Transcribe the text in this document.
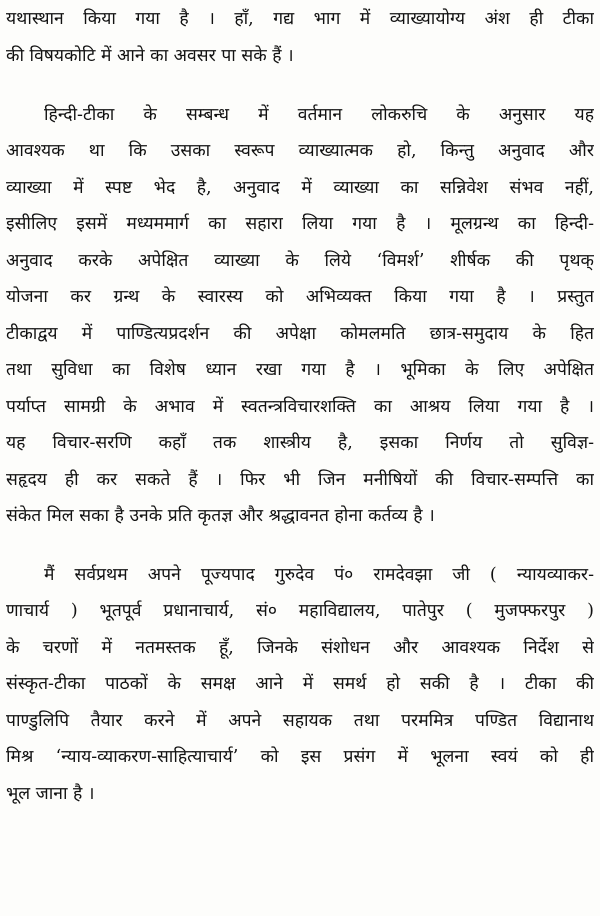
यथास्थान किया गया है । हाँ, गद्य भाग में व्याख्यायोग्य अंश ही टीका
की विषयकोटि में आने का अवसर पा सके हैं ।
हिन्दी-टीका के सम्बन्ध में वर्तमान लोकरुचि के अनुसार यह
आवश्यक था कि उसका स्वरूप व्याख्यात्मक हो, किन्तु अनुवाद और
व्याख्या में स्पष्ट भेद है, अनुवाद में व्याख्या का सन्निवेश संभव नहीं,
इसीलिए इसमें मध्यममार्ग का सहारा लिया गया है । मूलग्रन्थ का हिन्दी-
अनुवाद करके अपेक्षित व्याख्या के लिये ‘विमर्श’ शीर्षक की पृथक्
योजना कर ग्रन्थ के स्वारस्य को अभिव्यक्त किया गया है । प्रस्तुत
टीकाद्वय में पाण्डित्यप्रदर्शन की अपेक्षा कोमलमति छात्र-समुदाय के हित
तथा सुविधा का विशेष ध्यान रखा गया है । भूमिका के लिए अपेक्षित
पर्याप्त सामग्री के अभाव में स्वतन्त्रविचारशक्ति का आश्रय लिया गया है ।
यह विचार-सरणि कहाँ तक शास्त्रीय है, इसका निर्णय तो सुविज्ञ-
सहृदय ही कर सकते हैं । फिर भी जिन मनीषियों की विचार-सम्पत्ति का
संकेत मिल सका है उनके प्रति कृतज्ञ और श्रद्धावनत होना कर्तव्य है ।
मैं सर्वप्रथम अपने पूज्यपाद गुरुदेव पं० रामदेवझा जी ( न्यायव्याकर-
णाचार्य ) भूतपूर्व प्रधानाचार्य, सं० महाविद्यालय, पातेपुर ( मुजफ्फरपुर )
के चरणों में नतमस्तक हूँ, जिनके संशोधन और आवश्यक निर्देश से
संस्कृत-टीका पाठकों के समक्ष आने में समर्थ हो सकी है । टीका की
पाण्डुलिपि तैयार करने में अपने सहायक तथा परममित्र पण्डित विद्यानाथ
मिश्र ‘न्याय-व्याकरण-साहित्याचार्य’ को इस प्रसंग में भूलना स्वयं को ही
भूल जाना है ।
